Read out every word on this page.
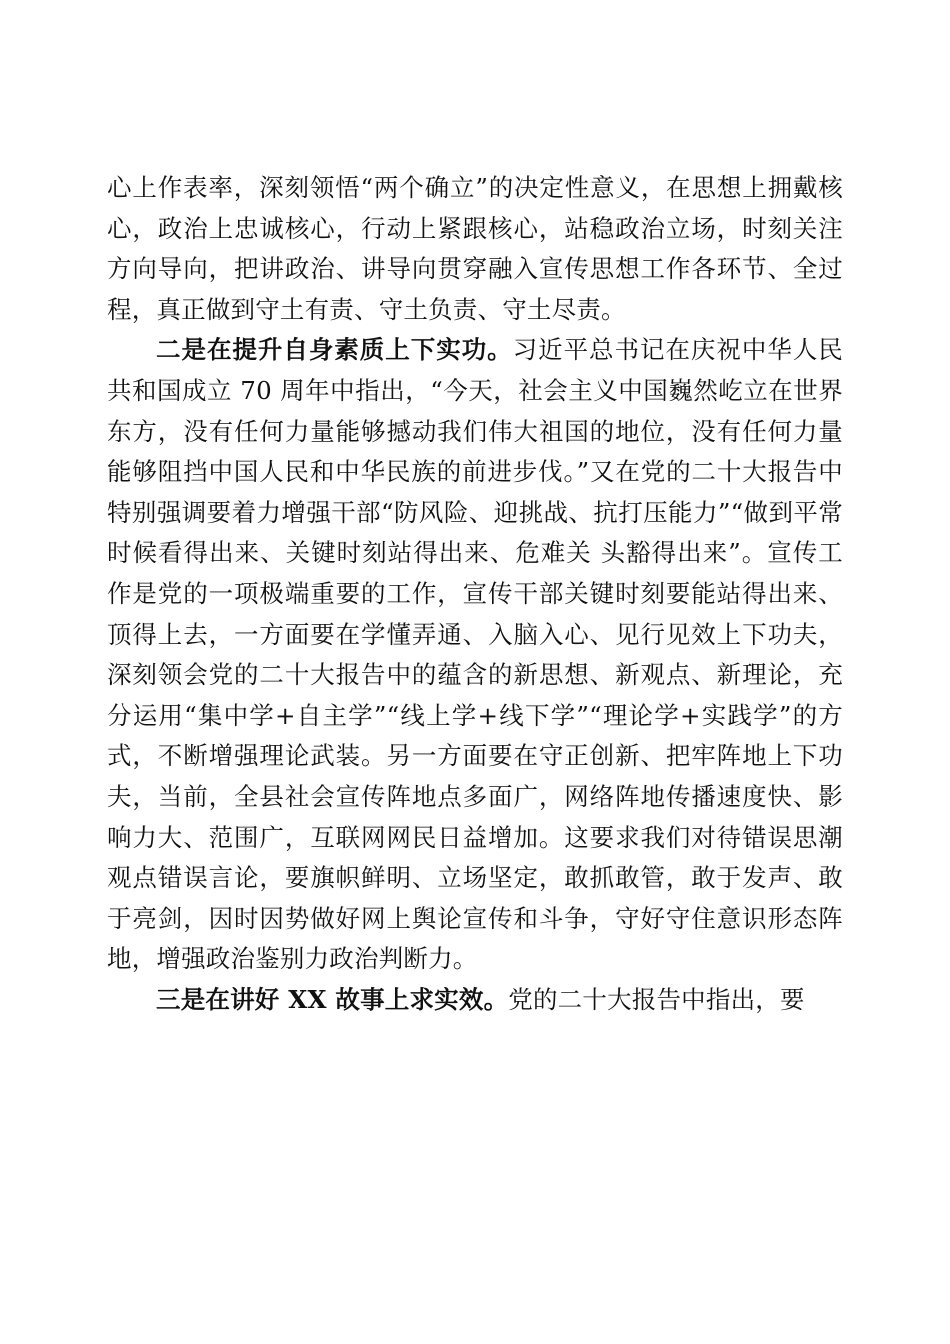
心上作表率，深刻领悟“两个确立”的决定性意义，在思想上拥戴核心，政治上忠诚核心，行动上紧跟核心，站稳政治立场，时刻关注方向导向，把讲政治、讲导向贯穿融入宣传思想工作各环节、全过程，真正做到守土有责、守土负责、守土尽责。

二是在提升自身素质上下实功。习近平总书记在庆祝中华人民共和国成立 70 周年中指出，“今天，社会主义中国巍然屹立在世界东方，没有任何力量能够撼动我们伟大祖国的地位，没有任何力量能够阻挡中国人民和中华民族的前进步伐。”又在党的二十大报告中特别强调要着力增强干部“防风险、迎挑战、抗打压能力”“做到平常时候看得出来、关键时刻站得出来、危难关 头豁得出来”。宣传工作是党的一项极端重要的工作，宣传干部关键时刻要能站得出来、顶得上去，一方面要在学懂弄通、入脑入心、见行见效上下功夫，深刻领会党的二十大报告中的蕴含的新思想、新观点、新理论，充分运用“集中学+自主学”“线上学+线下学”“理论学+实践学”的方式，不断增强理论武装。另一方面要在守正创新、把牢阵地上下功夫，当前，全县社会宣传阵地点多面广，网络阵地传播速度快、影响力大、范围广，互联网网民日益增加。这要求我们对待错误思潮观点错误言论，要旗帜鲜明、立场坚定，敢抓敢管，敢于发声、敢于亮剑，因时因势做好网上舆论宣传和斗争，守好守住意识形态阵地，增强政治鉴别力政治判断力。

三是在讲好 XX 故事上求实效。党的二十大报告中指出，要
